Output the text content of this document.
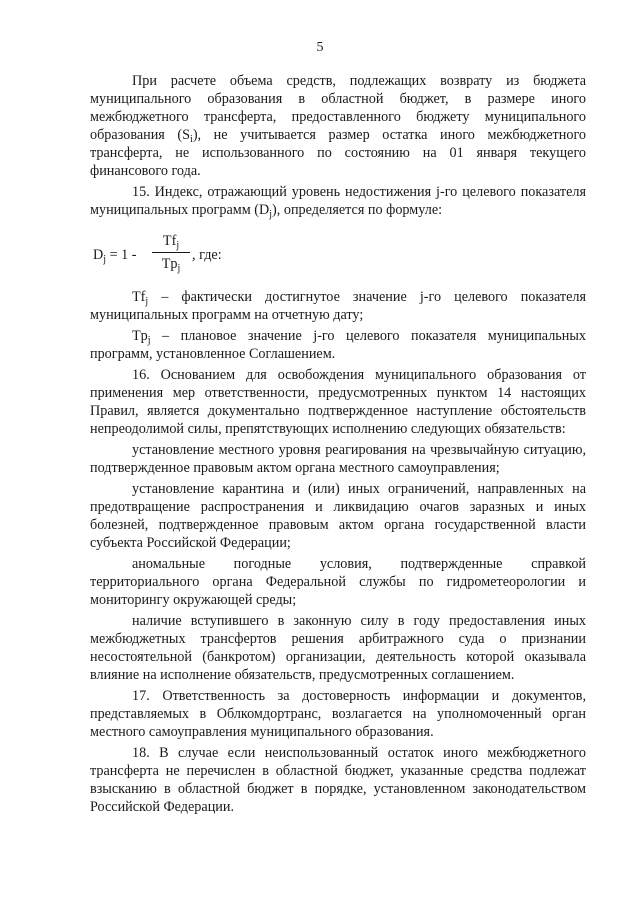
5

При расчете объема средств, подлежащих возврату из бюджета муниципального образования в областной бюджет, в размере иного межбюджетного трансферта, предоставленного бюджету муниципального образования $(S_i)$, не учитывается размер остатка иного межбюджетного трансферта, не использованного по состоянию на 01 января текущего финансового года.

15. Индекс, отражающий уровень недостижения j-го целевого показателя муниципальных программ $(D_j)$, определяется по формуле:

$D_j = 1$ -
$Tf_j$
$Tp_j$
, где:

$Tf_j$ – фактически достигнутое значение j-го целевого показателя муниципальных программ на отчетную дату;

$Tp_j$ – плановое значение j-го целевого показателя муниципальных программ, установленное Соглашением.

16. Основанием для освобождения муниципального образования от применения мер ответственности, предусмотренных пунктом 14 настоящих Правил, является документально подтвержденное наступление обстоятельств непреодолимой силы, препятствующих исполнению следующих обязательств:

установление местного уровня реагирования на чрезвычайную ситуацию, подтвержденное правовым актом органа местного самоуправления;

установление карантина и (или) иных ограничений, направленных на предотвращение распространения и ликвидацию очагов заразных и иных болезней, подтвержденное правовым актом органа государственной власти субъекта Российской Федерации;

аномальные погодные условия, подтвержденные справкой территориального органа Федеральной службы по гидрометеорологии и мониторингу окружающей среды;

наличие вступившего в законную силу в году предоставления иных межбюджетных трансфертов решения арбитражного суда о признании несостоятельной (банкротом) организации, деятельность которой оказывала влияние на исполнение обязательств, предусмотренных соглашением.

17. Ответственность за достоверность информации и документов, представляемых в Облкомдортранс, возлагается на уполномоченный орган местного самоуправления муниципального образования.

18. В случае если неиспользованный остаток иного межбюджетного трансферта не перечислен в областной бюджет, указанные средства подлежат взысканию в областной бюджет в порядке, установленном законодательством Российской Федерации.
